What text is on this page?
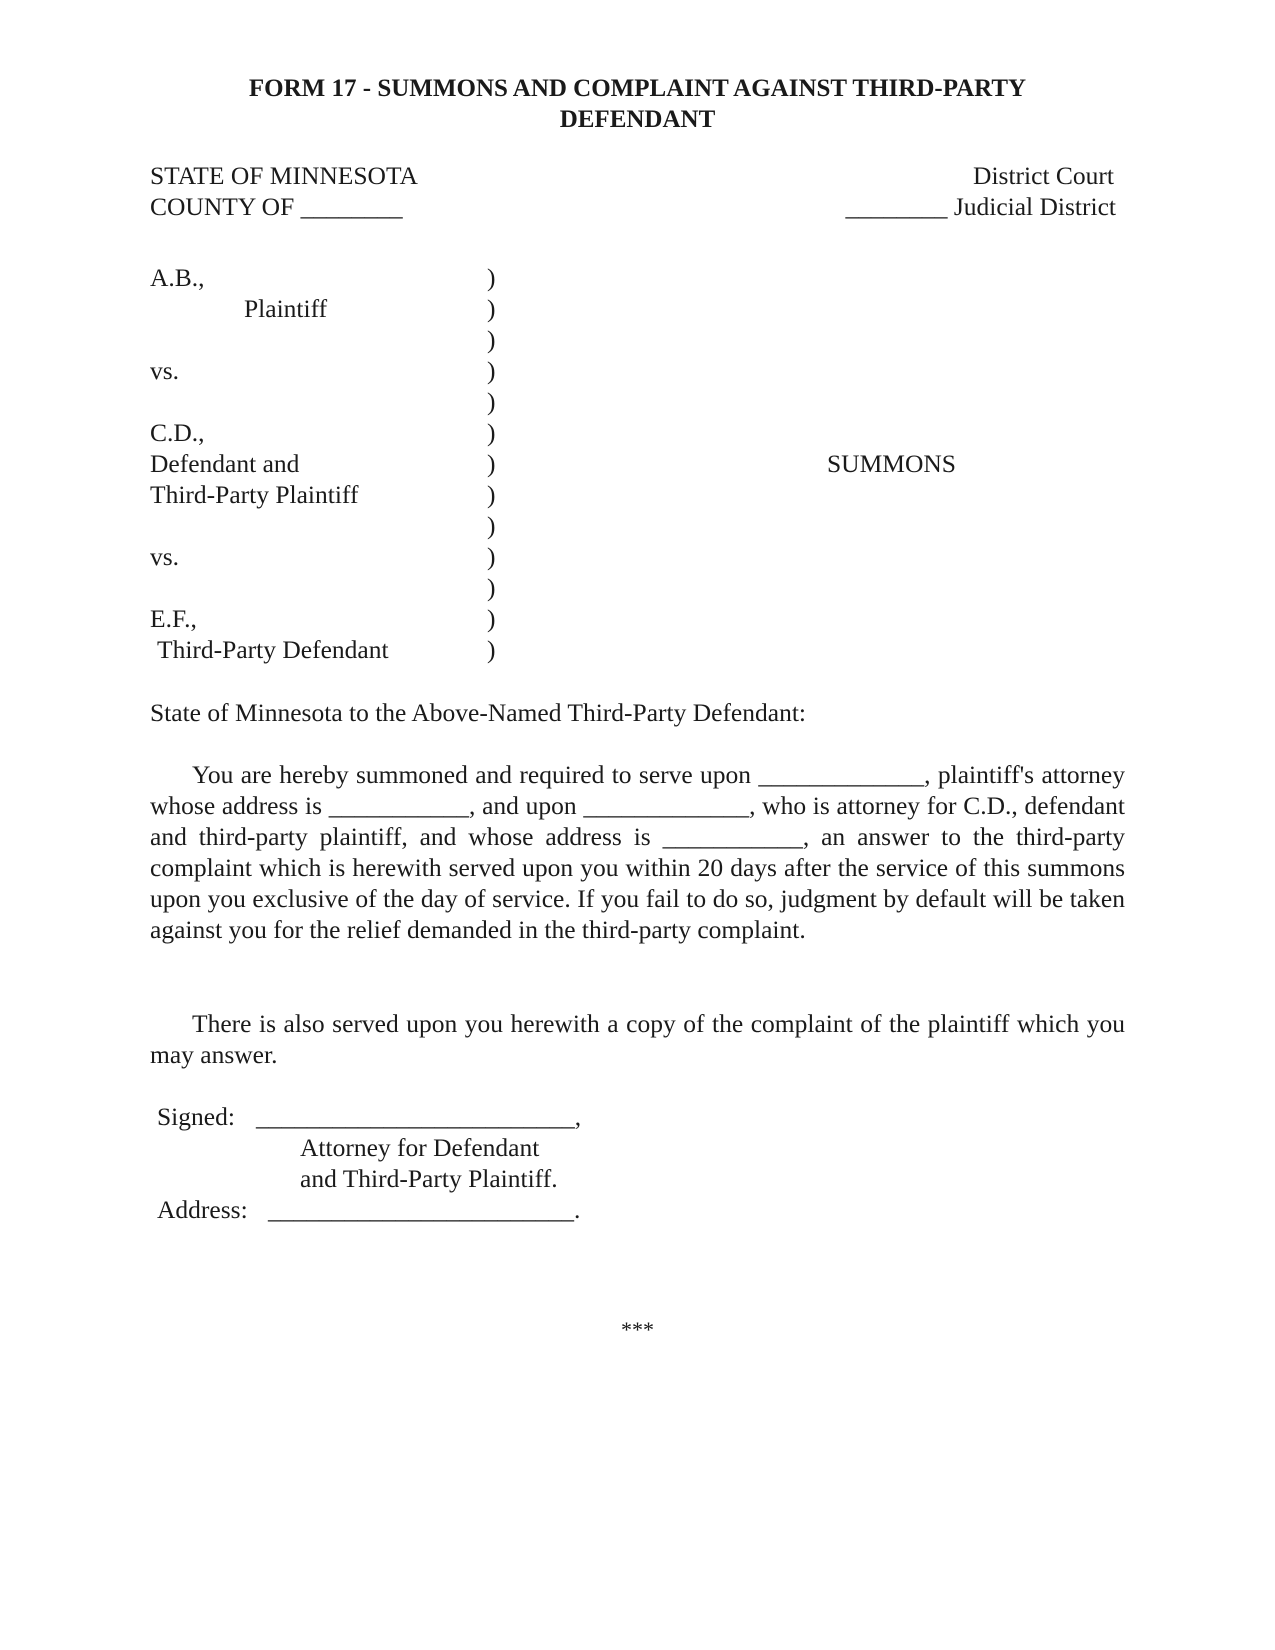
FORM 17 - SUMMONS AND COMPLAINT AGAINST THIRD-PARTY
DEFENDANT
STATE OF MINNESOTA
COUNTY OF ________
District Court
________ Judicial District
A.B.,
Plaintiff
vs.
C.D.,
Defendant and
Third-Party Plaintiff
vs.
E.F.,
Third-Party Defendant
)
)
)
)
)
)
)
)
)
)
)
)
)
SUMMONS
State of Minnesota to the Above-Named Third-Party Defendant:
You are hereby summoned and required to serve upon _____________, plaintiff's attorney whose address is ___________, and upon _____________, who is attorney for C.D., defendant and third-party plaintiff, and whose address is ___________, an answer to the third-party complaint which is herewith served upon you within 20 days after the service of this summons upon you exclusive of the day of service. If you fail to do so, judgment by default will be taken against you for the relief demanded in the third-party complaint.
There is also served upon you herewith a copy of the complaint of the plaintiff which you may answer.
Signed: _________________________,
Attorney for Defendant
and Third-Party Plaintiff.
Address: ________________________.
***
